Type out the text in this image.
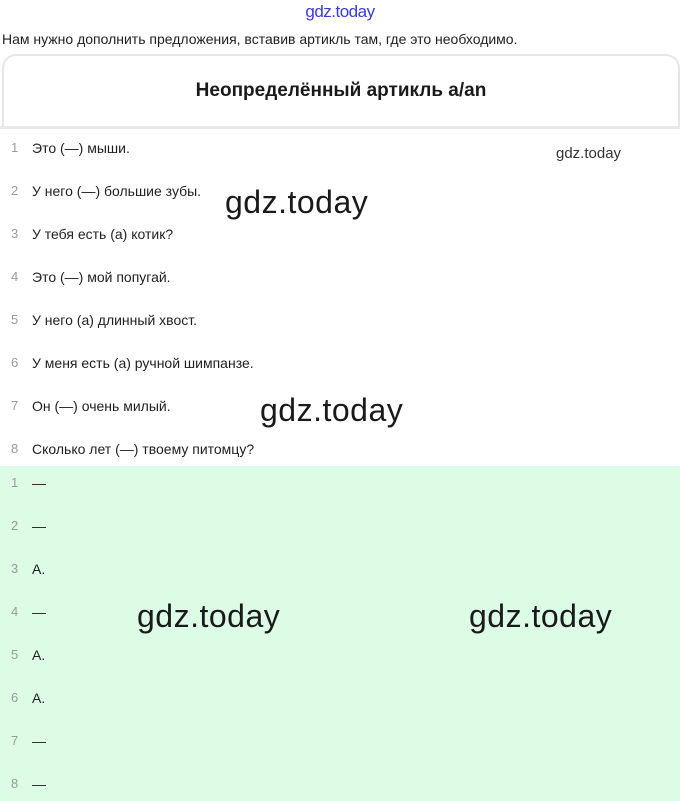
gdz.today
Нам нужно дополнить предложения, вставив артикль там, где это необходимо.
Неопределённый артикль a/an
1 Это (—) мыши.
2 У него (—) большие зубы.
3 У тебя есть (a) котик?
4 Это (—) мой попугай.
5 У него (a) длинный хвост.
6 У меня есть (a) ручной шимпанзе.
7 Он (—) очень милый.
8 Сколько лет (—) твоему питомцу?
1 —
2 —
3 A.
4 —
5 A.
6 A.
7 —
8 —
gdz.today
gdz.today
gdz.today
gdz.today	gdz.today
